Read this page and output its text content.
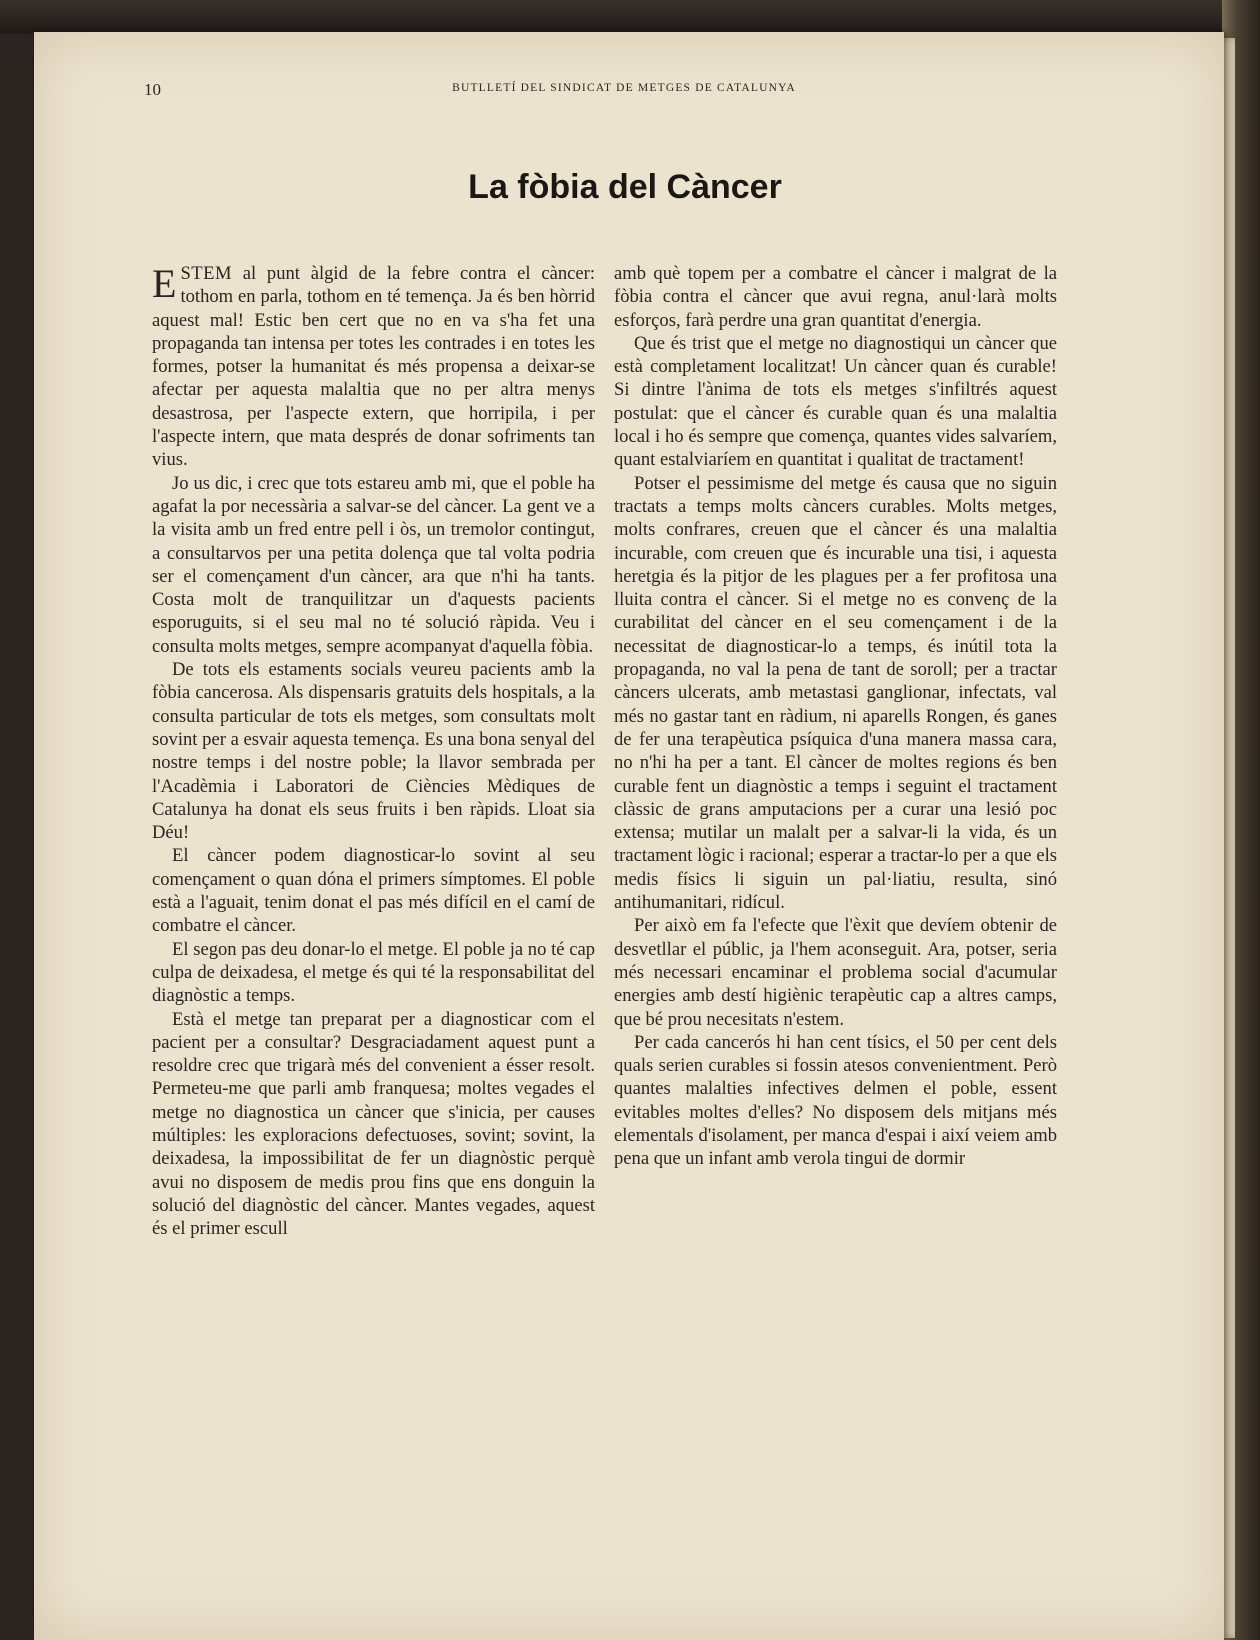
10	BUTLLETÍ DEL SINDICAT DE METGES DE CATALUNYA
La fòbia del Càncer

ESTEM al punt àlgid de la febre contra el càncer: tothom en parla, tothom en té temença. Ja és ben hòrrid aquest mal! Estic ben cert que no en va s'ha fet una propaganda tan intensa per totes les contrades i en totes les formes, potser la humanitat és més propensa a deixar-se afectar per aquesta malaltia que no per altra menys desastrosa, per l'aspecte extern, que horripila, i per l'aspecte intern, que mata després de donar sofriments tan vius.

Jo us dic, i crec que tots estareu amb mi, que el poble ha agafat la por necessària a salvar-se del càncer. La gent ve a la visita amb un fred entre pell i òs, un tremolor contingut, a consultarvos per una petita dolença que tal volta podria ser el començament d'un càncer, ara que n'hi ha tants. Costa molt de tranquilitzar un d'aquests pacients esporuguits, si el seu mal no té solució ràpida. Veu i consulta molts metges, sempre acompanyat d'aquella fòbia.

De tots els estaments socials veureu pacients amb la fòbia cancerosa. Als dispensaris gratuits dels hospitals, a la consulta particular de tots els metges, som consultats molt sovint per a esvair aquesta temença. Es una bona senyal del nostre temps i del nostre poble; la llavor sembrada per l'Acadèmia i Laboratori de Ciències Mèdiques de Catalunya ha donat els seus fruits i ben ràpids. Lloat sia Déu!

El càncer podem diagnosticar-lo sovint al seu començament o quan dóna el primers símptomes. El poble està a l'aguait, tenim donat el pas més difícil en el camí de combatre el càncer.

El segon pas deu donar-lo el metge. El poble ja no té cap culpa de deixadesa, el metge és qui té la responsabilitat del diagnòstic a temps.

Està el metge tan preparat per a diagnosticar com el pacient per a consultar? Desgraciadament aquest punt a resoldre crec que trigarà més del convenient a ésser resolt. Permeteu-me que parli amb franquesa; moltes vegades el metge no diagnostica un càncer que s'inicia, per causes múltiples: les exploracions defectuoses, sovint; sovint, la deixadesa, la impossibilitat de fer un diagnòstic perquè avui no disposem de medis prou fins que ens donguin la solució del diagnòstic del càncer. Mantes vegades, aquest és el primer escull

amb què topem per a combatre el càncer i malgrat de la fòbia contra el càncer que avui regna, anul·larà molts esforços, farà perdre una gran quantitat d'energia.

Que és trist que el metge no diagnostiqui un càncer que està completament localitzat! Un càncer quan és curable! Si dintre l'ànima de tots els metges s'infiltrés aquest postulat: que el càncer és curable quan és una malaltia local i ho és sempre que comença, quantes vides salvaríem, quant estalviaríem en quantitat i qualitat de tractament!

Potser el pessimisme del metge és causa que no siguin tractats a temps molts càncers curables. Molts metges, molts confrares, creuen que el càncer és una malaltia incurable, com creuen que és incurable una tisi, i aquesta heretgia és la pitjor de les plagues per a fer profitosa una lluita contra el càncer. Si el metge no es convenç de la curabilitat del càncer en el seu començament i de la necessitat de diagnosticar-lo a temps, és inútil tota la propaganda, no val la pena de tant de soroll; per a tractar càncers ulcerats, amb metastasi ganglionar, infectats, val més no gastar tant en ràdium, ni aparells Rongen, és ganes de fer una terapèutica psíquica d'una manera massa cara, no n'hi ha per a tant. El càncer de moltes regions és ben curable fent un diagnòstic a temps i seguint el tractament clàssic de grans amputacions per a curar una lesió poc extensa; mutilar un malalt per a salvar-li la vida, és un tractament lògic i racional; esperar a tractar-lo per a que els medis físics li siguin un pal·liatiu, resulta, sinó antihumanitari, ridícul.

Per això em fa l'efecte que l'èxit que devíem obtenir de desvetllar el públic, ja l'hem aconseguit. Ara, potser, seria més necessari encaminar el problema social d'acumular energies amb destí higiènic terapèutic cap a altres camps, que bé prou necesitats n'estem.

Per cada cancerós hi han cent tísics, el 50 per cent dels quals serien curables si fossin atesos convenientment. Però quantes malalties infectives delmen el poble, essent evitables moltes d'elles? No disposem dels mitjans més elementals d'isolament, per manca d'espai i així veiem amb pena que un infant amb verola tingui de dormir
